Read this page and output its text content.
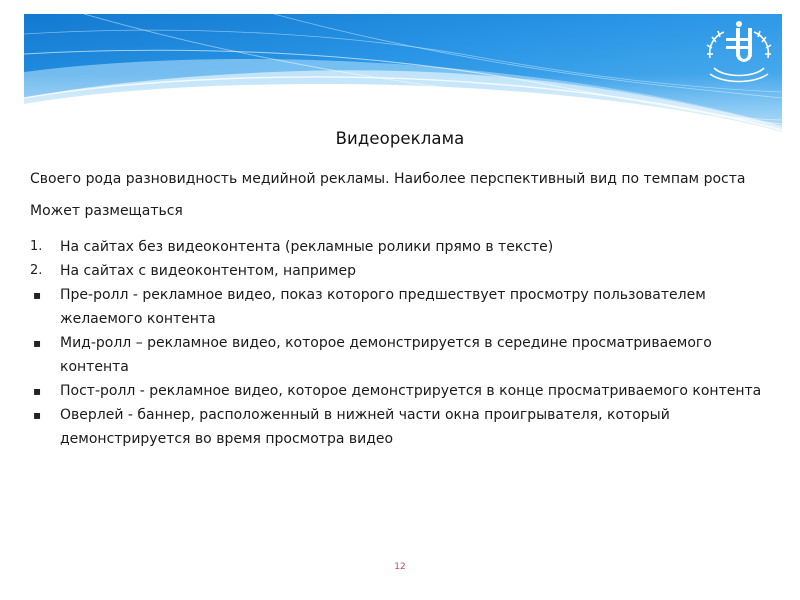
Видеореклама

Своего рода разновидность медийной рекламы. Наиболее перспективный вид по темпам роста

Может размещаться

1.	На сайтах без видеоконтента (рекламные ролики прямо в тексте)
2.	На сайтах с видеоконтентом, например
▪	Пре-ролл - рекламное видео, показ которого предшествует просмотру пользователем желаемого контента
▪	Мид-ролл – рекламное видео, которое демонстрируется в середине просматриваемого контента
▪	Пост-ролл - рекламное видео, которое демонстрируется в конце просматриваемого контента
▪	Оверлей - баннер, расположенный в нижней части окна проигрывателя, который демонстрируется во время просмотра видео
12
